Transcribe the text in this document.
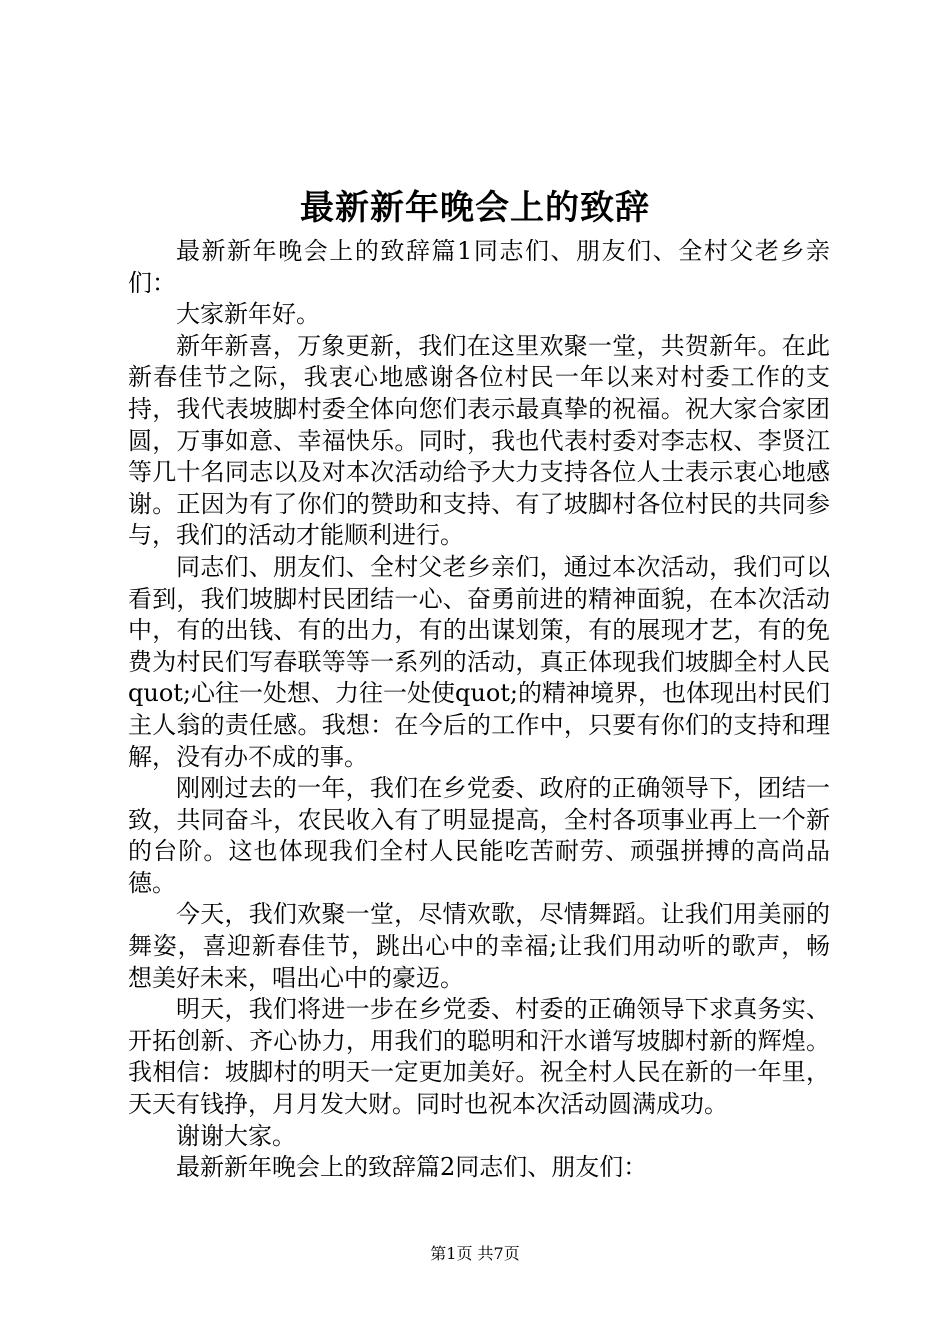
最新新年晚会上的致辞

最新新年晚会上的致辞篇1同志们、朋友们、全村父老乡亲们：

大家新年好。

新年新喜，万象更新，我们在这里欢聚一堂，共贺新年。在此新春佳节之际，我衷心地感谢各位村民一年以来对村委工作的支持，我代表坡脚村委全体向您们表示最真挚的祝福。祝大家合家团圆，万事如意、幸福快乐。同时，我也代表村委对李志权、李贤江等几十名同志以及对本次活动给予大力支持各位人士表示衷心地感谢。正因为有了你们的赞助和支持、有了坡脚村各位村民的共同参与，我们的活动才能顺利进行。

同志们、朋友们、全村父老乡亲们，通过本次活动，我们可以看到，我们坡脚村民团结一心、奋勇前进的精神面貌，在本次活动中，有的出钱、有的出力，有的出谋划策，有的展现才艺，有的免费为村民们写春联等等一系列的活动，真正体现我们坡脚全村人民quot;心往一处想、力往一处使quot;的精神境界，也体现出村民们主人翁的责任感。我想：在今后的工作中，只要有你们的支持和理解，没有办不成的事。

刚刚过去的一年，我们在乡党委、政府的正确领导下，团结一致，共同奋斗，农民收入有了明显提高，全村各项事业再上一个新的台阶。这也体现我们全村人民能吃苦耐劳、顽强拼搏的高尚品德。

今天，我们欢聚一堂，尽情欢歌，尽情舞蹈。让我们用美丽的舞姿，喜迎新春佳节，跳出心中的幸福;让我们用动听的歌声，畅想美好未来，唱出心中的豪迈。

明天，我们将进一步在乡党委、村委的正确领导下求真务实、开拓创新、齐心协力，用我们的聪明和汗水谱写坡脚村新的辉煌。我相信：坡脚村的明天一定更加美好。祝全村人民在新的一年里，天天有钱挣，月月发大财。同时也祝本次活动圆满成功。

谢谢大家。

最新新年晚会上的致辞篇2同志们、朋友们：

第1页 共7页
